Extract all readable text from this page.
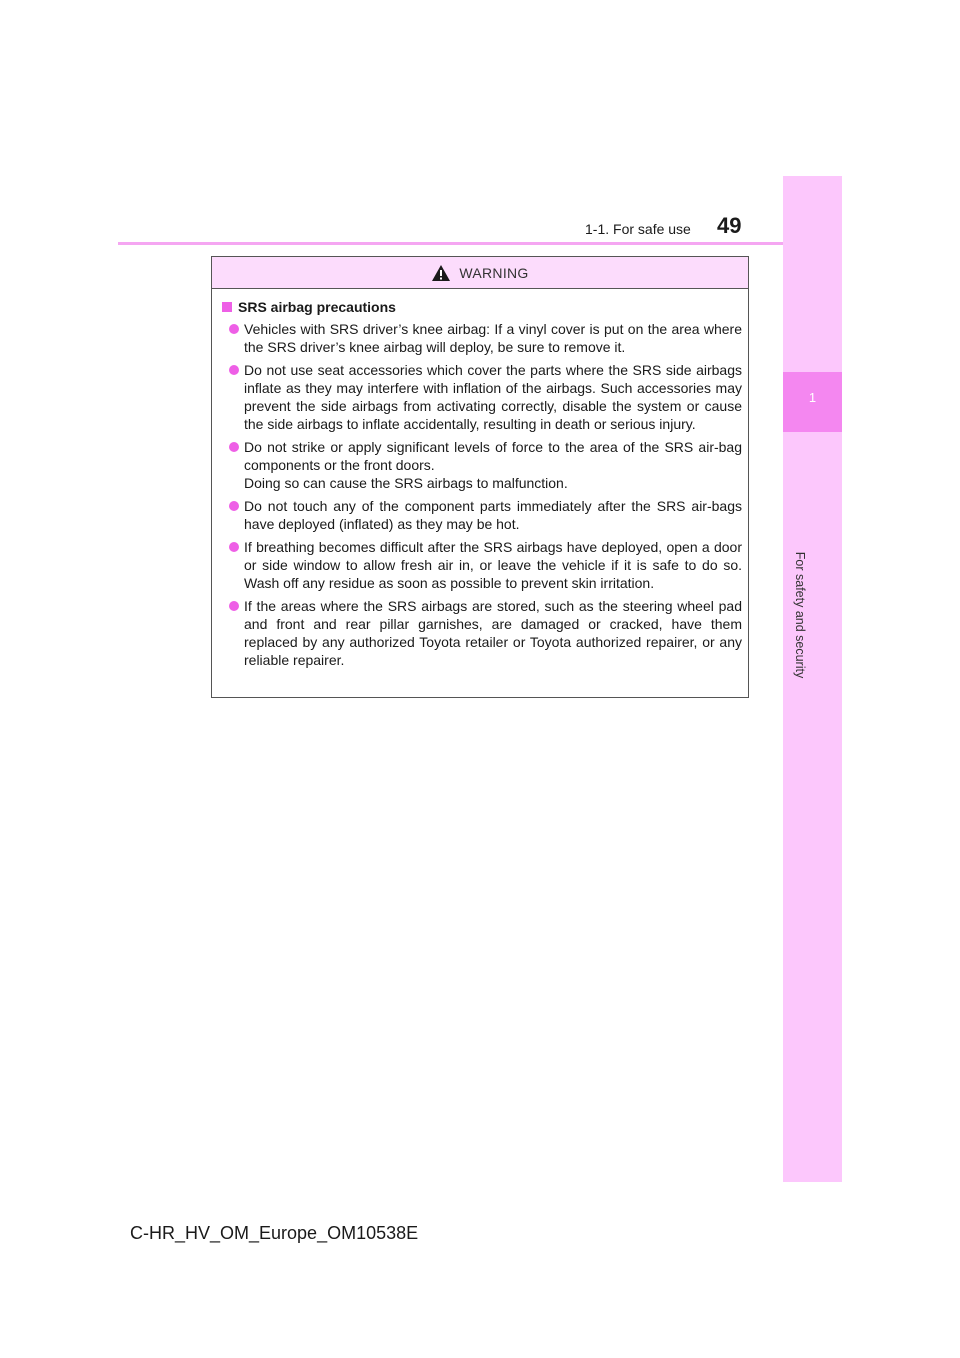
1
For safety and security
1-1. For safe use 49
WARNING
SRS airbag precautions
Vehicles with SRS driver’s knee airbag: If a vinyl cover is put on the area where the SRS driver’s knee airbag will deploy, be sure to remove it.
Do not use seat accessories which cover the parts where the SRS side airbags inflate as they may interfere with inflation of the airbags. Such accessories may prevent the side airbags from activating correctly, disable the system or cause the side airbags to inflate accidentally, resulting in death or serious injury.
Do not strike or apply significant levels of force to the area of the SRS air-bag components or the front doors.
Doing so can cause the SRS airbags to malfunction.
Do not touch any of the component parts immediately after the SRS air-bags have deployed (inflated) as they may be hot.
If breathing becomes difficult after the SRS airbags have deployed, open a door or side window to allow fresh air in, or leave the vehicle if it is safe to do so. Wash off any residue as soon as possible to prevent skin irritation.
If the areas where the SRS airbags are stored, such as the steering wheel pad and front and rear pillar garnishes, are damaged or cracked, have them replaced by any authorized Toyota retailer or Toyota authorized repairer, or any reliable repairer.
C-HR_HV_OM_Europe_OM10538E
